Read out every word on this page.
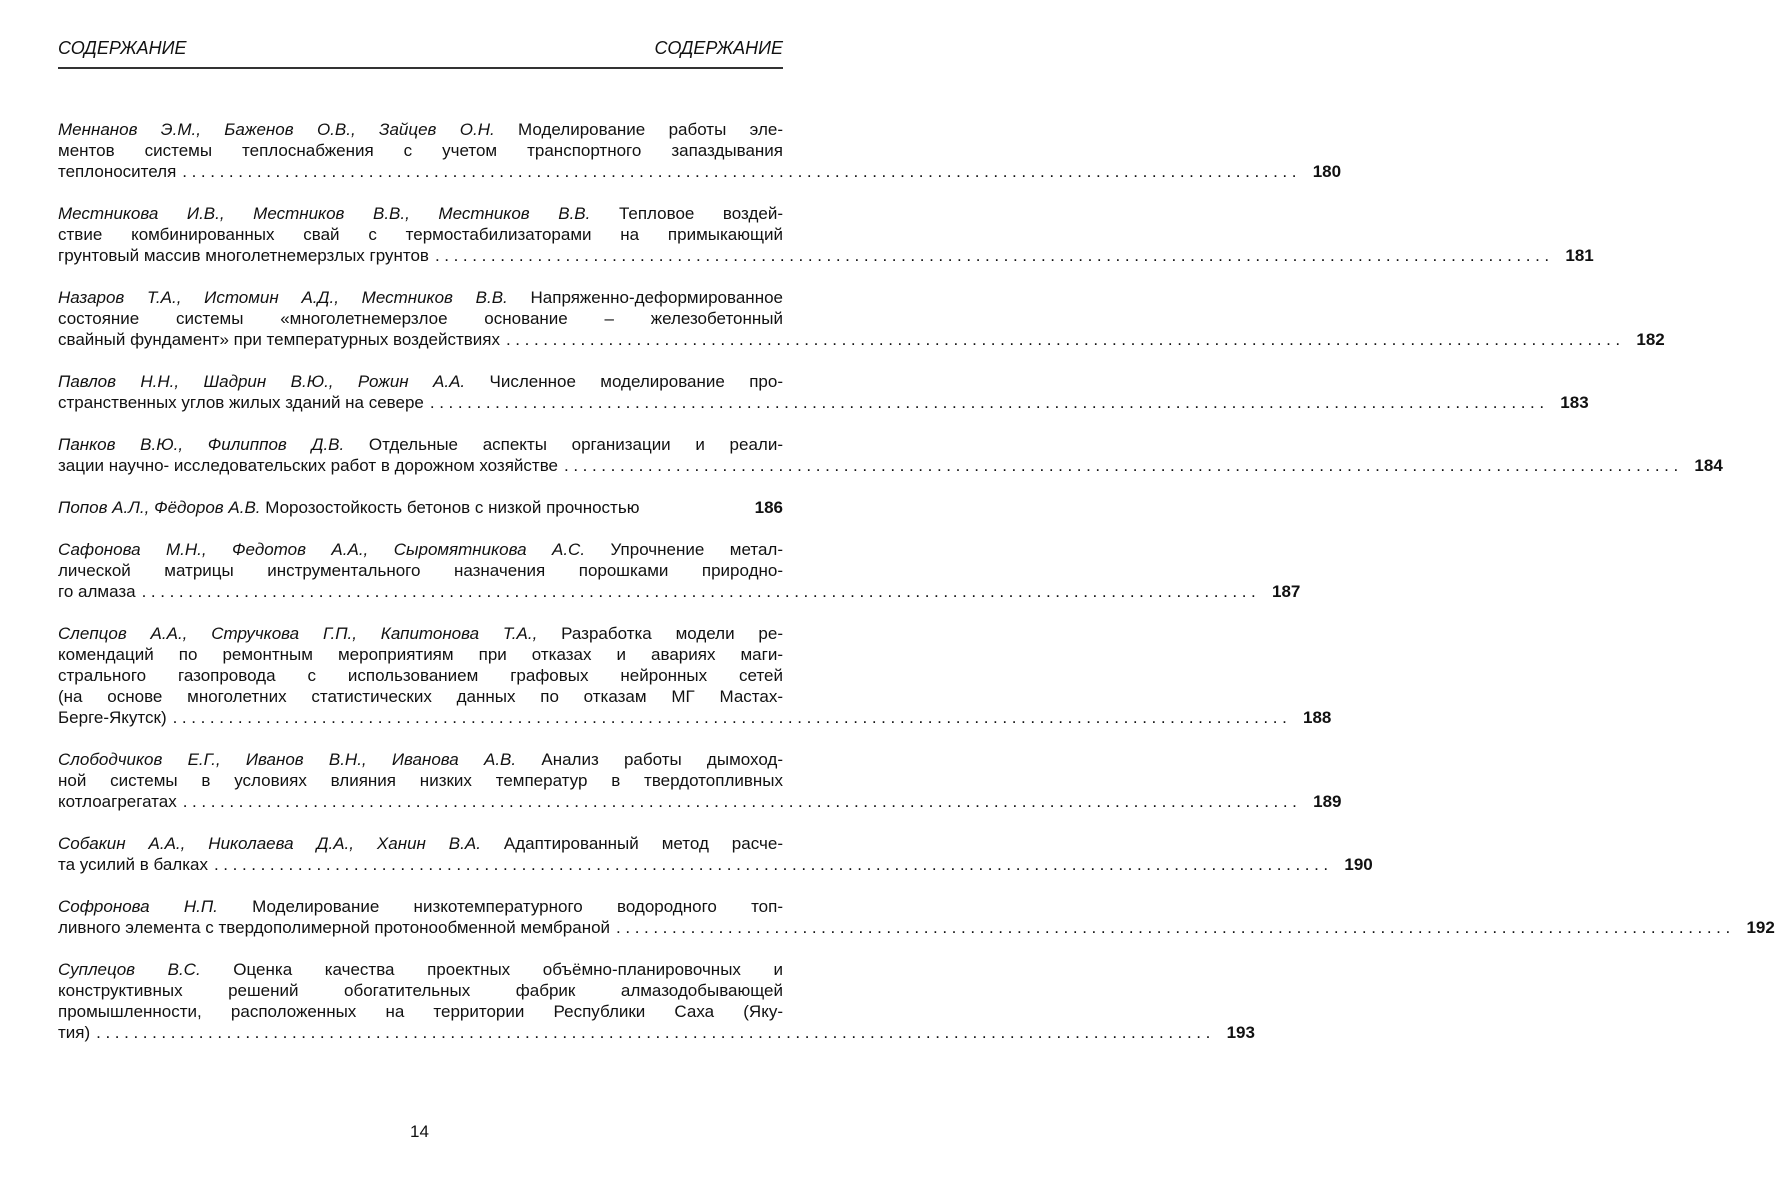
СОДЕРЖАНИЕ	СОДЕРЖАНИЕ
Меннанов Э.М., Баженов О.В., Зайцев О.Н. Моделирование работы эле-
ментов системы теплоснабжения с учетом транспортного запаздывания
теплоносителя ........................................................................................................................ 180
Местникова И.В., Местников В.В., Местников В.В. Тепловое воздей-
ствие комбинированных свай с термостабилизаторами на примыкающий
грунтовый массив многолетнемерзлых грунтов ........................................................................................................................ 181
Назаров Т.А., Истомин А.Д., Местников В.В. Напряженно-деформированное
состояние системы «многолетнемерзлое основание – железобетонный
свайный фундамент» при температурных воздействиях ........................................................................................................................ 182
Павлов Н.Н., Шадрин В.Ю., Рожин А.А. Численное моделирование про-
странственных углов жилых зданий на севере ........................................................................................................................ 183
Панков В.Ю., Филиппов Д.В. Отдельные аспекты организации и реали-
зации научно- исследовательских работ в дорожном хозяйстве ........................................................................................................................ 184
Попов А.Л., Фёдоров А.В. Морозостойкость бетонов с низкой прочностью	186
Сафонова М.Н., Федотов А.А., Сыромятникова А.С. Упрочнение метал-
лической матрицы инструментального назначения порошками природно-
го алмаза ........................................................................................................................ 187
Слепцов А.А., Стручкова Г.П., Капитонова Т.А., Разработка модели ре-
комендаций по ремонтным мероприятиям при отказах и авариях маги-
стрального газопровода с использованием графовых нейронных сетей
(на основе многолетних статистических данных по отказам МГ Мастах-
Берге-Якутск) ........................................................................................................................ 188
Слободчиков Е.Г., Иванов В.Н., Иванова А.В. Анализ работы дымоход-
ной системы в условиях влияния низких температур в твердотопливных
котлоагрегатах ........................................................................................................................ 189
Собакин А.А., Николаева Д.А., Ханин В.А. Адаптированный метод расче-
та усилий в балках ........................................................................................................................ 190
Софронова Н.П. Моделирование низкотемпературного водородного топ-
ливного элемента с твердополимерной протонообменной мембраной ........................................................................................................................ 192
Суплецов В.С. Оценка качества проектных объёмно-планировочных и
конструктивных решений обогатительных фабрик алмазодобывающей
промышленности, расположенных на территории Республики Саха (Яку-
тия) ........................................................................................................................ 193
14
